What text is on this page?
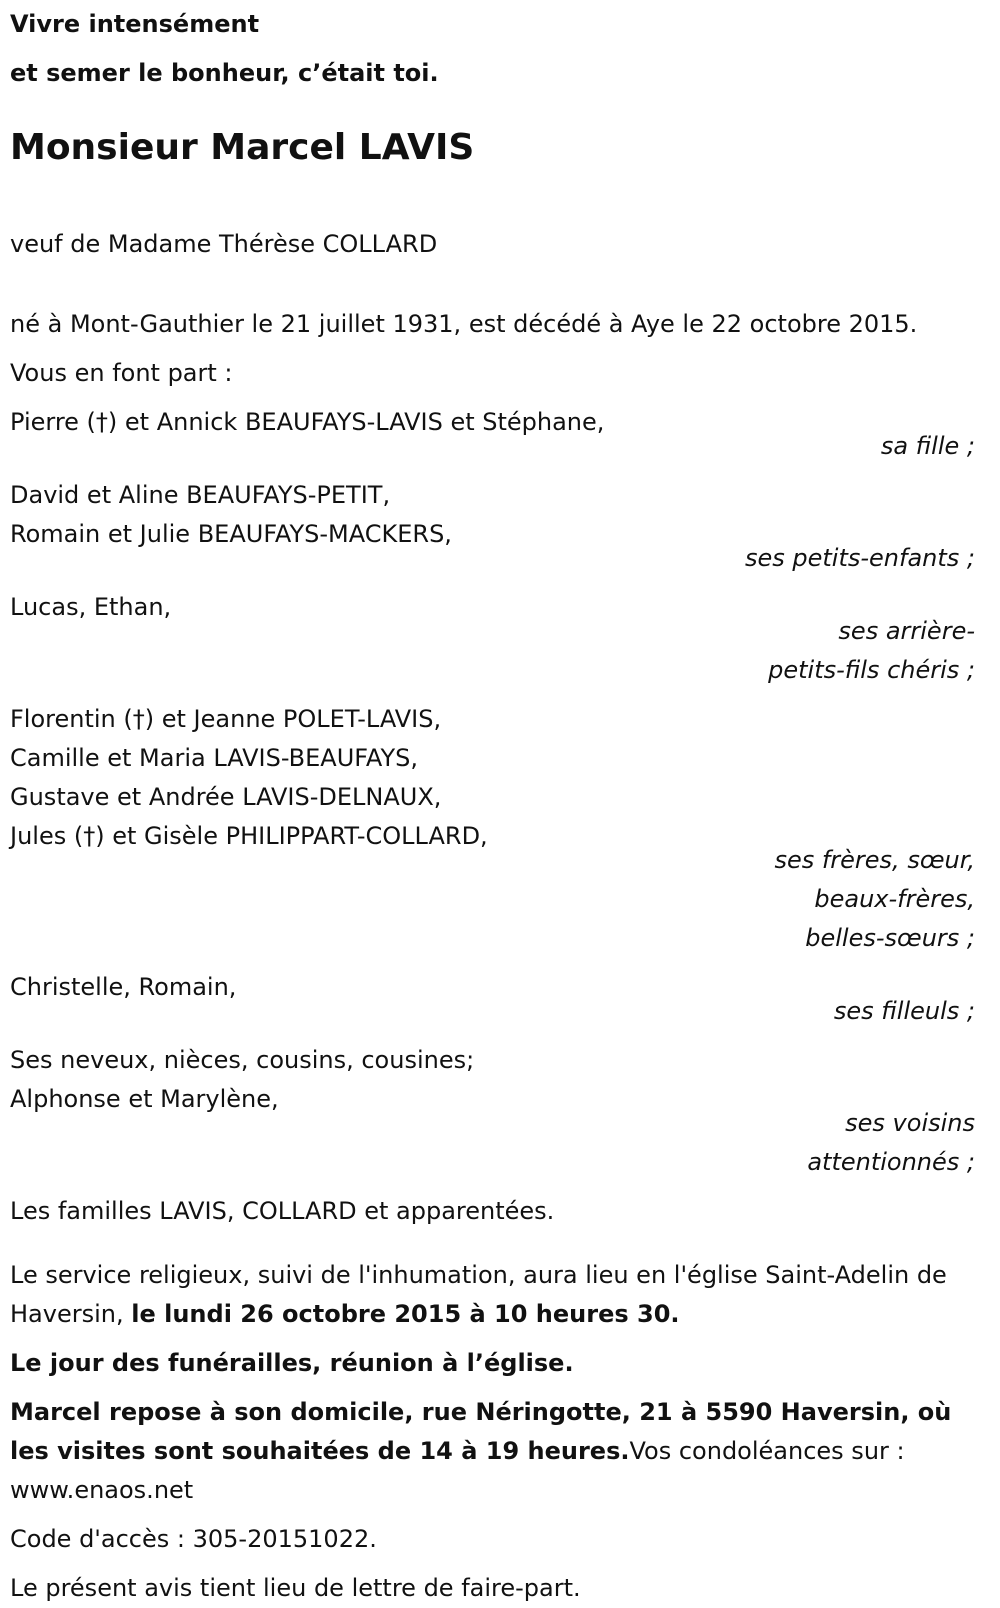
Vivre intensément

et semer le bonheur, c’était toi.

Monsieur Marcel LAVIS

veuf de Madame Thérèse COLLARD

né à Mont-Gauthier le 21 juillet 1931, est décédé à Aye le 22 octobre 2015.

Vous en font part :

Pierre (†) et Annick BEAUFAYS-LAVIS et Stéphane,

sa fille ;

David et Aline BEAUFAYS-PETIT,

Romain et Julie BEAUFAYS-MACKERS,

ses petits-enfants ;

Lucas, Ethan,

ses arrière-

petits-fils chéris ;

Florentin (†) et Jeanne POLET-LAVIS,

Camille et Maria LAVIS-BEAUFAYS,

Gustave et Andrée LAVIS-DELNAUX,

Jules (†) et Gisèle PHILIPPART-COLLARD,

ses frères, sœur,

beaux-frères,

belles-sœurs ;

Christelle, Romain,

ses filleuls ;

Ses neveux, nièces, cousins, cousines;

Alphonse et Marylène,

ses voisins

attentionnés ;

Les familles LAVIS, COLLARD et apparentées.

Le service religieux, suivi de l'inhumation, aura lieu en l'église Saint-Adelin de Haversin, le lundi 26 octobre 2015 à 10 heures 30.

Le jour des funérailles, réunion à l’église.

Marcel repose à son domicile, rue Néringotte, 21 à 5590 Haversin, où les visites sont souhaitées de 14 à 19 heures.Vos condoléances sur : www.enaos.net

Code d'accès : 305-20151022.

Le présent avis tient lieu de lettre de faire-part.
